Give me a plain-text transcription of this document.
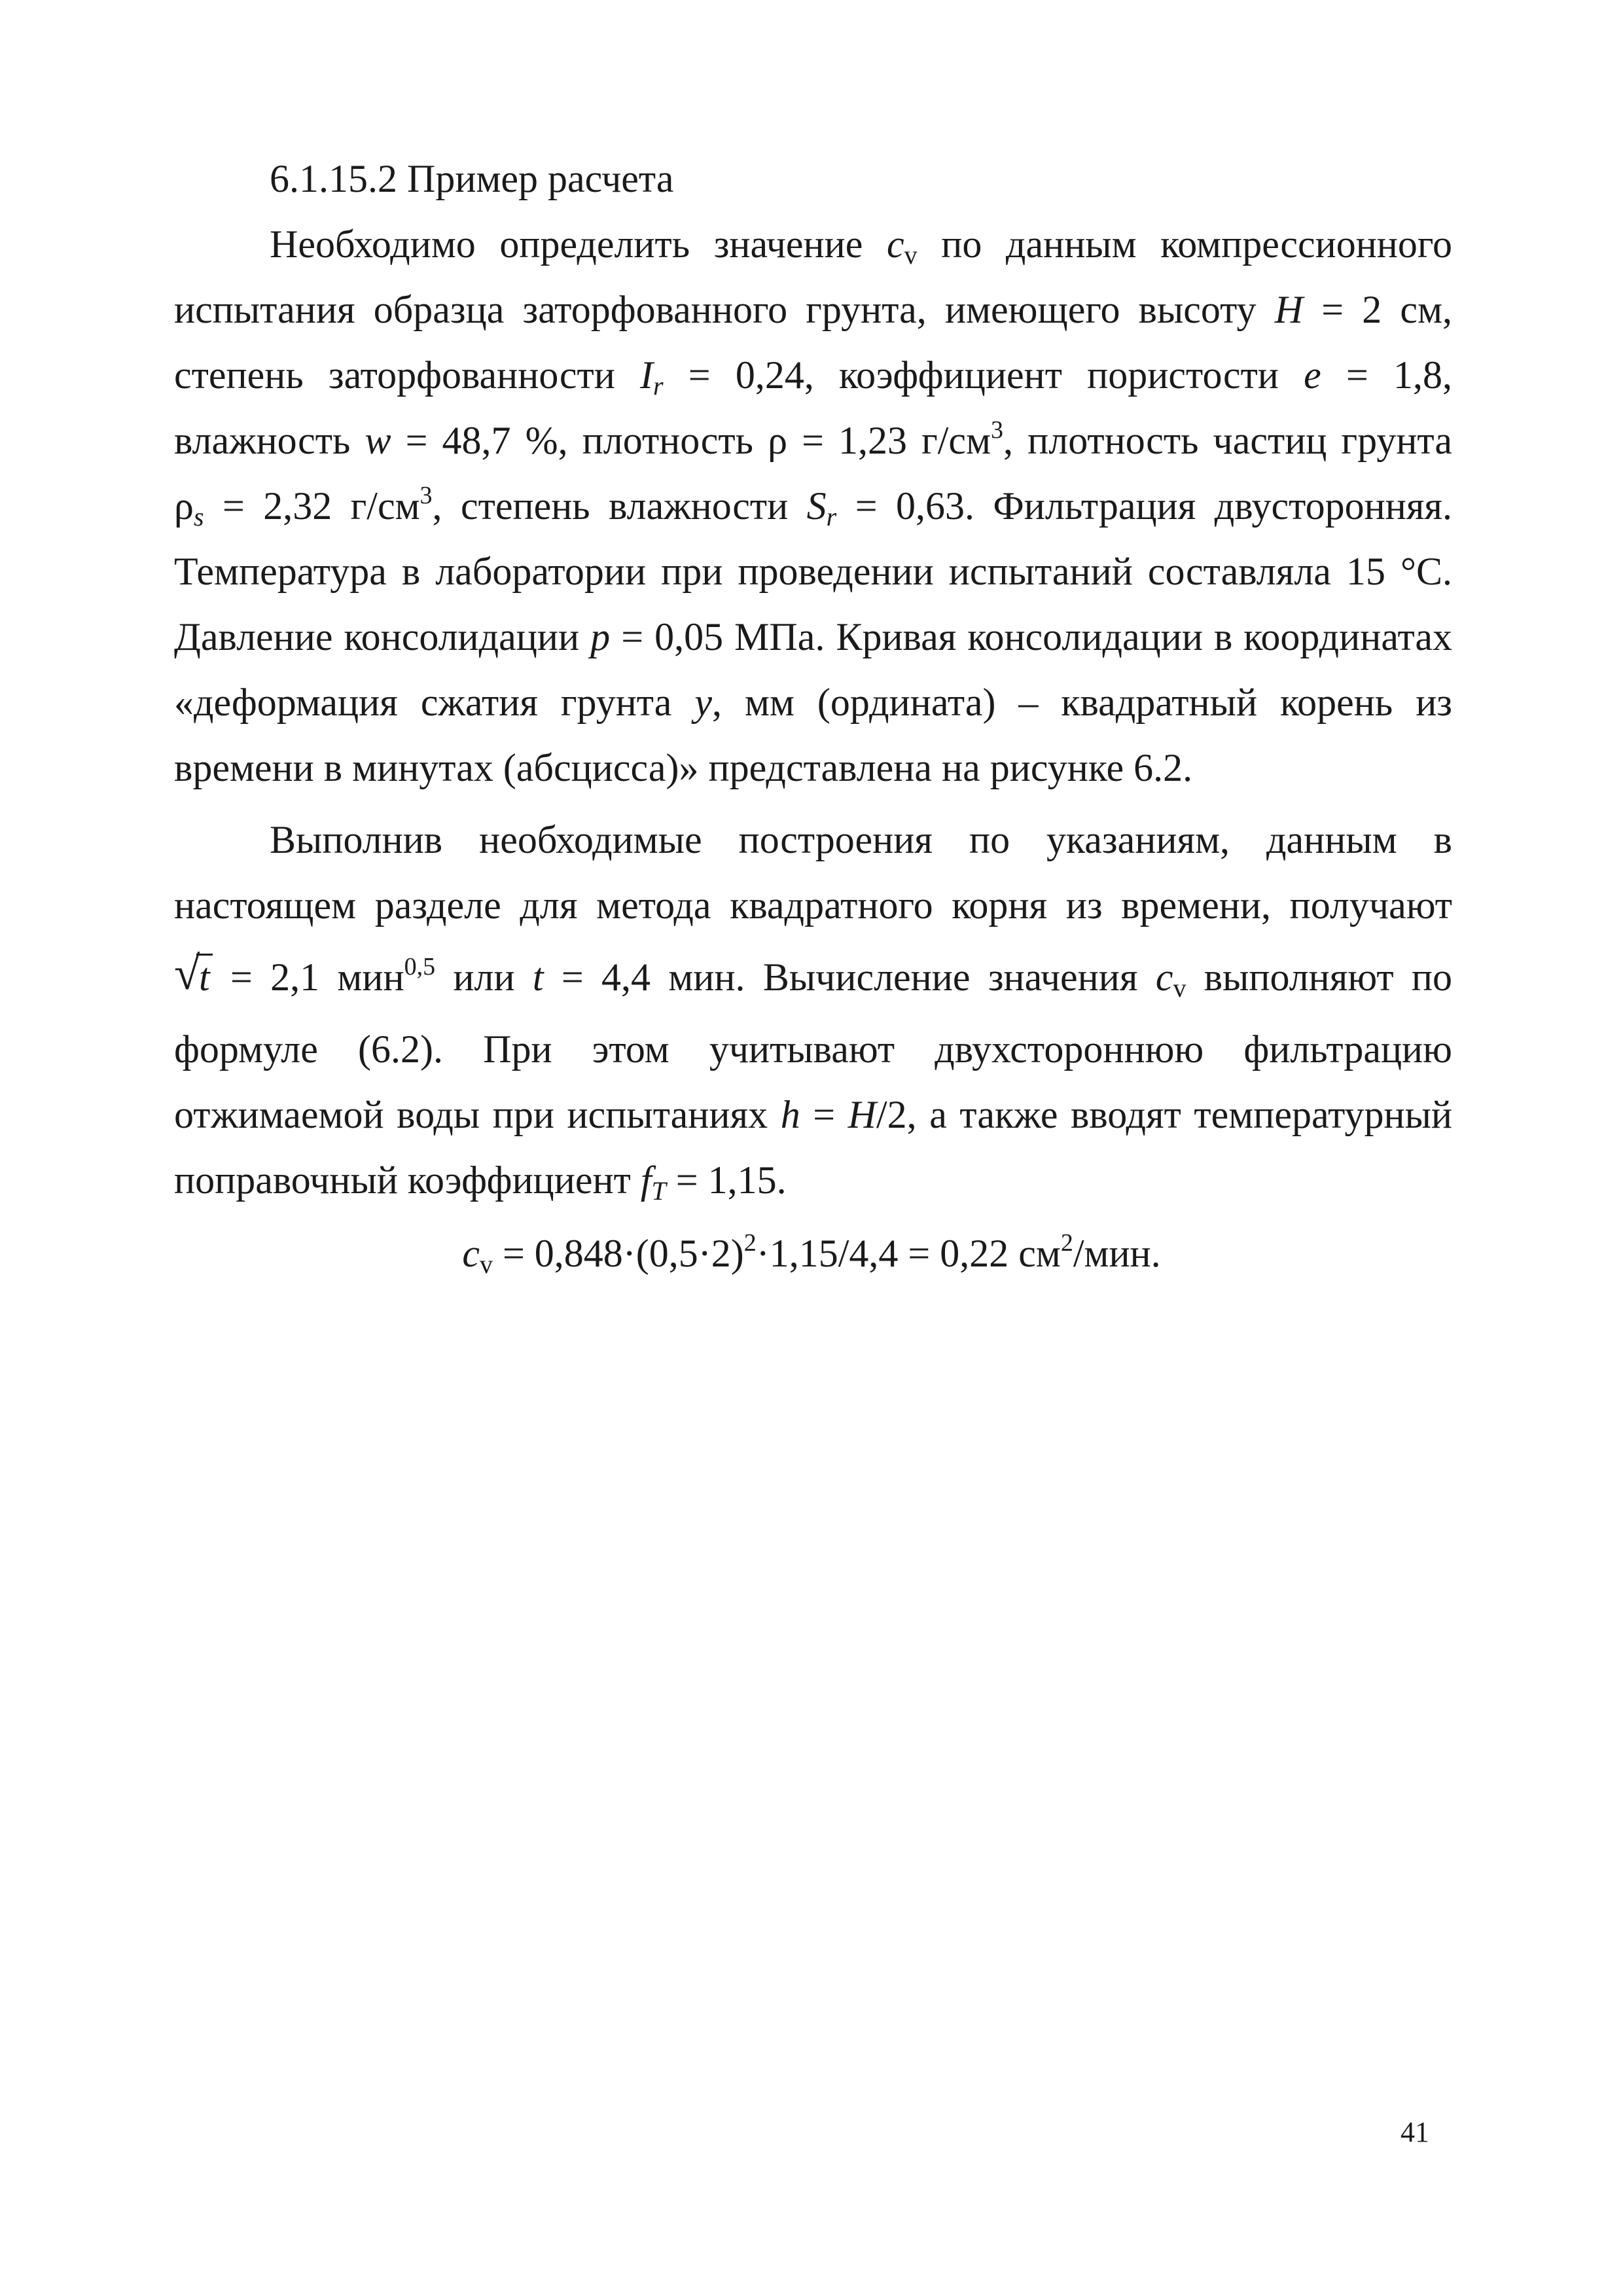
6.1.15.2 Пример расчета
Необходимо определить значение $c_v$ по данным компрессионного
испытания образца заторфованного грунта, имеющего высоту H = 2 см,
степень заторфованности $I_r = 0,24$, коэффициент пористости e = 1,8,
влажность w = 48,7 %, плотность ρ = 1,23 $г/см^3$, плотность частиц грунта
$\rho_s = 2,32$ $г/см^3$, степень влажности $S_r = 0,63$. Фильтрация двусторонняя.
Температура в лаборатории при проведении испытаний составляла 15 °С.
Давление консолидации p = 0,05 МПа. Кривая консолидации в координатах
«деформация сжатия грунта y, мм (ордината) – квадратный корень из
времени в минутах (абсцисса)» представлена на рисунке 6.2.
Выполнив необходимые построения по указаниям, данным в
настоящем разделе для метода квадратного корня из времени, получают
√
t = 2,1 мин$^{0,5}$ или t = 4,4 мин. Вычисление значения $c_v$ выполняют по
формуле (6.2). При этом учитывают двухстороннюю фильтрацию
отжимаемой воды при испытаниях h = H/2, а также вводят температурный
поправочный коэффициент $f_T = 1,15$.
$c_v = 0,848\cdot(0,5\cdot 2)^2\cdot 1,15/4,4 = 0,22$ $см^2$/мин.
41
